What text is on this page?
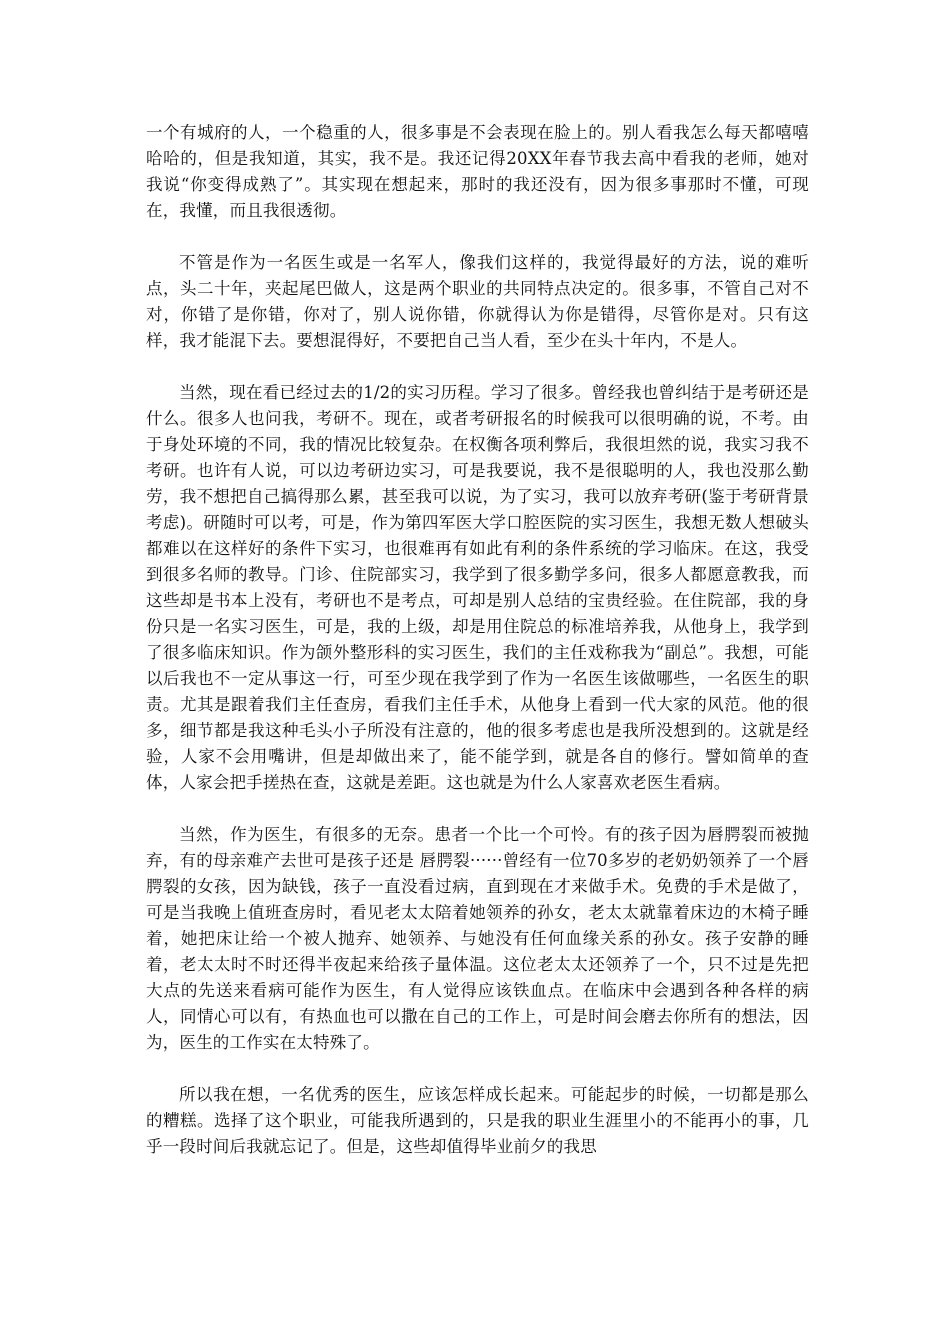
一个有城府的人，一个稳重的人，很多事是不会表现在脸上的。别人看我怎么每天都嘻嘻哈哈的，但是我知道，其实，我不是。我还记得20XX年春节我去高中看我的老师，她对我说“你变得成熟了”。其实现在想起来，那时的我还没有，因为很多事那时不懂，可现在，我懂，而且我很透彻。

不管是作为一名医生或是一名军人，像我们这样的，我觉得最好的方法，说的难听点，头二十年，夹起尾巴做人，这是两个职业的共同特点决定的。很多事，不管自己对不对，你错了是你错，你对了，别人说你错，你就得认为你是错得，尽管你是对。只有这样，我才能混下去。要想混得好，不要把自己当人看，至少在头十年内，不是人。

当然，现在看已经过去的1/2的实习历程。学习了很多。曾经我也曾纠结于是考研还是什么。很多人也问我，考研不。现在，或者考研报名的时候我可以很明确的说，不考。由于身处环境的不同，我的情况比较复杂。在权衡各项利弊后，我很坦然的说，我实习我不考研。也许有人说，可以边考研边实习，可是我要说，我不是很聪明的人，我也没那么勤劳，我不想把自己搞得那么累，甚至我可以说，为了实习，我可以放弃考研(鉴于考研背景考虑)。研随时可以考，可是，作为第四军医大学口腔医院的实习医生，我想无数人想破头都难以在这样好的条件下实习，也很难再有如此有利的条件系统的学习临床。在这，我受到很多名师的教导。门诊、住院部实习，我学到了很多勤学多问，很多人都愿意教我，而这些却是书本上没有，考研也不是考点，可却是别人总结的宝贵经验。在住院部，我的身份只是一名实习医生，可是，我的上级，却是用住院总的标准培养我，从他身上，我学到了很多临床知识。作为颌外整形科的实习医生，我们的主任戏称我为“副总”。我想，可能以后我也不一定从事这一行，可至少现在我学到了作为一名医生该做哪些，一名医生的职责。尤其是跟着我们主任查房，看我们主任手术，从他身上看到一代大家的风范。他的很多，细节都是我这种毛头小子所没有注意的，他的很多考虑也是我所没想到的。这就是经验，人家不会用嘴讲，但是却做出来了，能不能学到，就是各自的修行。譬如简单的查体，人家会把手搓热在查，这就是差距。这也就是为什么人家喜欢老医生看病。

当然，作为医生，有很多的无奈。患者一个比一个可怜。有的孩子因为唇腭裂而被抛弃，有的母亲难产去世可是孩子还是 唇腭裂······曾经有一位70多岁的老奶奶领养了一个唇腭裂的女孩，因为缺钱，孩子一直没看过病，直到现在才来做手术。免费的手术是做了，可是当我晚上值班查房时，看见老太太陪着她领养的孙女，老太太就靠着床边的木椅子睡着，她把床让给一个被人抛弃、她领养、与她没有任何血缘关系的孙女。孩子安静的睡着，老太太时不时还得半夜起来给孩子量体温。这位老太太还领养了一个，只不过是先把大点的先送来看病可能作为医生，有人觉得应该铁血点。在临床中会遇到各种各样的病人，同情心可以有，有热血也可以撒在自己的工作上，可是时间会磨去你所有的想法，因为，医生的工作实在太特殊了。

所以我在想，一名优秀的医生，应该怎样成长起来。可能起步的时候，一切都是那么的糟糕。选择了这个职业，可能我所遇到的，只是我的职业生涯里小的不能再小的事，几乎一段时间后我就忘记了。但是，这些却值得毕业前夕的我思
